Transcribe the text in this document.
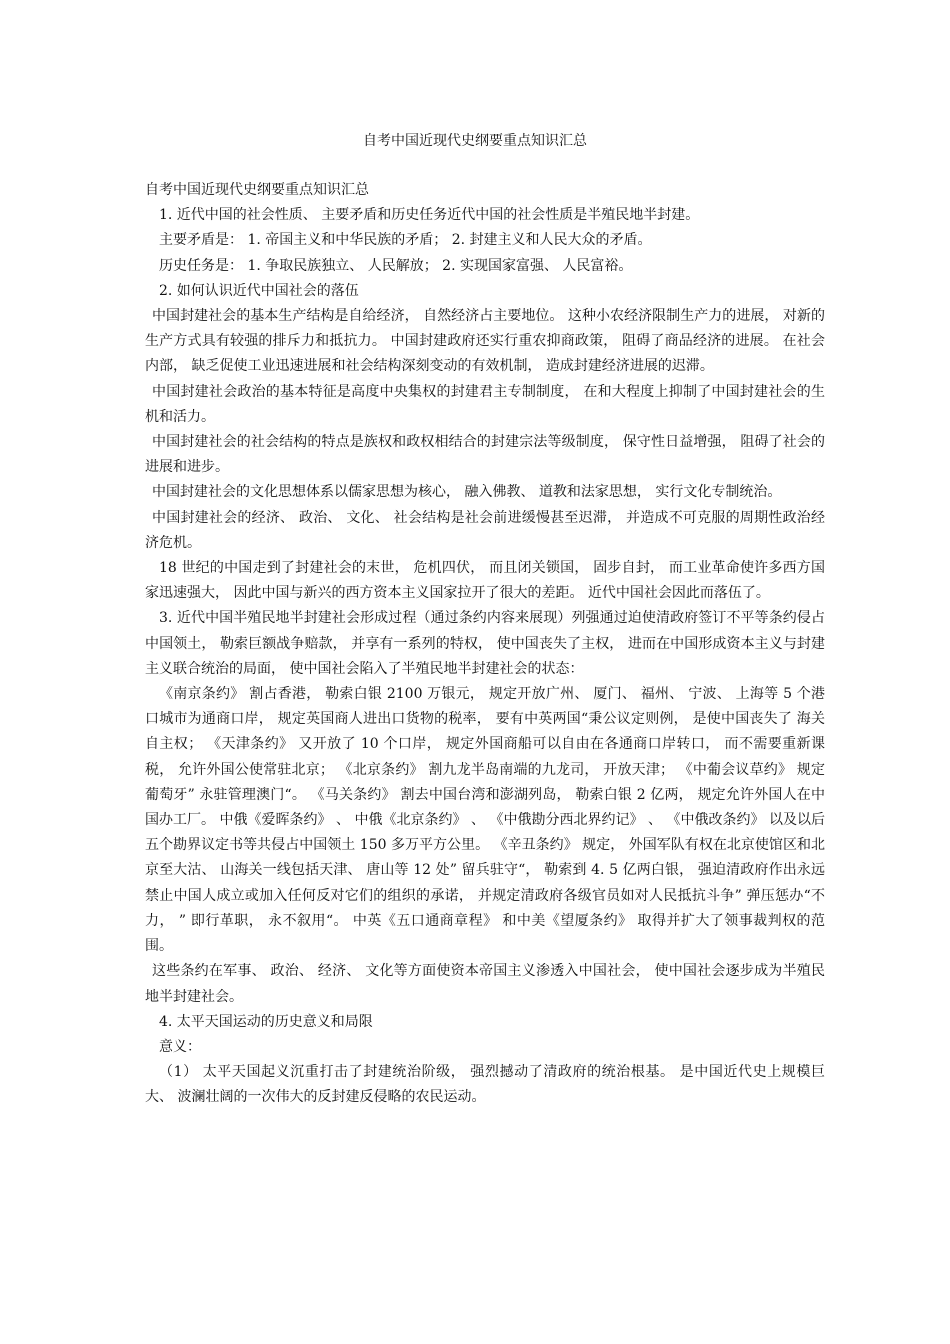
自考中国近现代史纲要重点知识汇总

自考中国近现代史纲要重点知识汇总

1. 近代中国的社会性质、 主要矛盾和历史任务近代中国的社会性质是半殖民地半封建。

主要矛盾是： 1. 帝国主义和中华民族的矛盾； 2. 封建主义和人民大众的矛盾。

历史任务是： 1. 争取民族独立、 人民解放； 2. 实现国家富强、 人民富裕。

2. 如何认识近代中国社会的落伍

中国封建社会的基本生产结构是自给经济， 自然经济占主要地位。 这种小农经济限制生产力的进展， 对新的生产方式具有较强的排斥力和抵抗力。 中国封建政府还实行重农抑商政策， 阻碍了商品经济的进展。 在社会内部， 缺乏促使工业迅速进展和社会结构深刻变动的有效机制， 造成封建经济进展的迟滞。

中国封建社会政治的基本特征是高度中央集权的封建君主专制制度， 在和大程度上抑制了中国封建社会的生机和活力。

中国封建社会的社会结构的特点是族权和政权相结合的封建宗法等级制度， 保守性日益增强， 阻碍了社会的进展和进步。

中国封建社会的文化思想体系以儒家思想为核心， 融入佛教、 道教和法家思想， 实行文化专制统治。

中国封建社会的经济、 政治、 文化、 社会结构是社会前进缓慢甚至迟滞， 并造成不可克服的周期性政治经济危机。

18 世纪的中国走到了封建社会的末世， 危机四伏， 而且闭关锁国， 固步自封， 而工业革命使许多西方国家迅速强大， 因此中国与新兴的西方资本主义国家拉开了很大的差距。 近代中国社会因此而落伍了。

3. 近代中国半殖民地半封建社会形成过程（通过条约内容来展现）列强通过迫使清政府签订不平等条约侵占中国领土， 勒索巨额战争赔款， 并享有一系列的特权， 使中国丧失了主权， 进而在中国形成资本主义与封建主义联合统治的局面， 使中国社会陷入了半殖民地半封建社会的状态：

《南京条约》 割占香港， 勒索白银 2100 万银元， 规定开放广州、 厦门、 福州、 宁波、 上海等 5 个港口城市为通商口岸， 规定英国商人进出口货物的税率， 要有中英两国“秉公议定则例， 是使中国丧失了 海关自主权； 《天津条约》 又开放了 10 个口岸， 规定外国商船可以自由在各通商口岸转口， 而不需要重新课税， 允许外国公使常驻北京； 《北京条约》 割九龙半岛南端的九龙司， 开放天津； 《中葡会议草约》 规定葡萄牙” 永驻管理澳门“。 《马关条约》 割去中国台湾和澎湖列岛， 勒索白银 2 亿两， 规定允许外国人在中国办工厂。 中俄《爱晖条约》 、 中俄《北京条约》 、 《中俄勘分西北界约记》 、 《中俄改条约》 以及以后五个勘界议定书等共侵占中国领土 150 多万平方公里。 《辛丑条约》 规定， 外国军队有权在北京使馆区和北京至大沽、 山海关一线包括天津、 唐山等 12 处” 留兵驻守“， 勒索到 4. 5 亿两白银， 强迫清政府作出永远禁止中国人成立或加入任何反对它们的组织的承诺， 并规定清政府各级官员如对人民抵抗斗争” 弹压惩办“不力， ” 即行革职， 永不叙用“。 中英《五口通商章程》 和中美《望厦条约》 取得并扩大了领事裁判权的范围。

这些条约在军事、 政治、 经济、 文化等方面使资本帝国主义渗透入中国社会， 使中国社会逐步成为半殖民地半封建社会。

4. 太平天国运动的历史意义和局限

意义：

（1） 太平天国起义沉重打击了封建统治阶级， 强烈撼动了清政府的统治根基。 是中国近代史上规模巨大、 波澜壮阔的一次伟大的反封建反侵略的农民运动。
